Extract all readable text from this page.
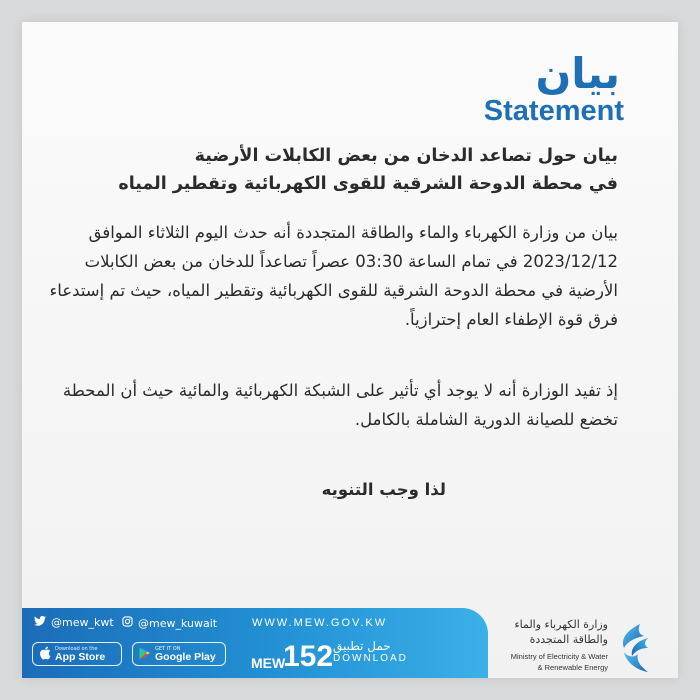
بيان
Statement
بيان حول تصاعد الدخان من بعض الكابلات الأرضية
في محطة الدوحة الشرقية للقوى الكهربائية وتقطير المياه
بيان من وزارة الكهرباء والماء والطاقة المتجددة أنه حدث اليوم الثلاثاء الموافق 2023/12/12 في تمام الساعة 03:30 عصراً تصاعداً للدخان من بعض الكابلات الأرضية في محطة الدوحة الشرقية للقوى الكهربائية وتقطير المياه، حيث تم إستدعاء فرق قوة الإطفاء العام إحترازياً.
إذ تفيد الوزارة أنه لا يوجد أي تأثير على الشبكة الكهربائية والمائية حيث أن المحطة تخضع للصيانة الدورية الشاملة بالكامل.
لذا وجب التنويه
@mew_kwt @mew_kuwait	WWW.MEW.GOV.KW
Download on the
App Store
GET IT ON
Google Play	MEW
152 حمل تطبيق
DOWNLOAD
وزارة الكهرباء والماء
والطاقة المتجددة
Ministry of Electricity & Water
& Renewable Energy
